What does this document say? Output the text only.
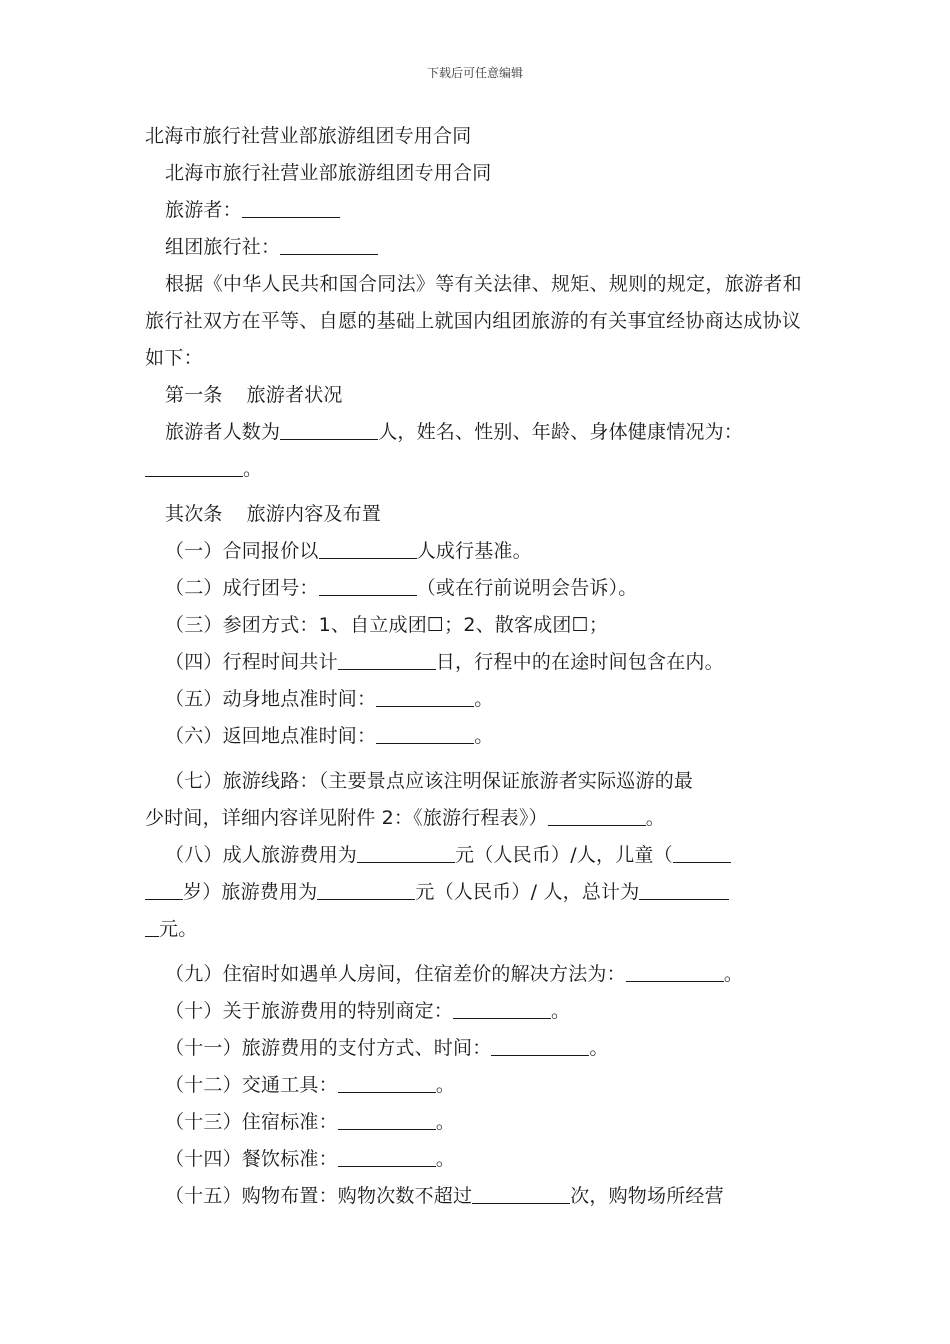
下载后可任意编辑
北海市旅行社营业部旅游组团专用合同
北海市旅行社营业部旅游组团专用合同
旅游者：
组团旅行社：
根据《中华人民共和国合同法》等有关法律、规矩、规则的规定，旅游者和旅行社双方在平等、自愿的基础上就国内组团旅游的有关事宜经协商达成协议如下：
第一条 旅游者状况
旅游者人数为	人，姓名、性别、年龄、身体健康情况为：
。
其次条 旅游内容及布置
（一）合同报价以	人成行基准。
（二）成行团号：	（或在行前说明会告诉）。
（三）参团方式：1、自立成团☐；2、散客成团☐；
（四）行程时间共计	日，行程中的在途时间包含在内。
（五）动身地点准时间：	。
（六）返回地点准时间：	。
（七）旅游线路：（主要景点应该注明保证旅游者实际巡游的最
少时间，详细内容详见附件 2：《旅游行程表》）	。
（八）成人旅游费用为	元（人民币）/人，儿童（
岁）旅游费用为	元（人民币）/ 人，总计为
元。
（九）住宿时如遇单人房间，住宿差价的解决方法为：	。
（十）关于旅游费用的特别商定：	。
（十一）旅游费用的支付方式、时间：	。
（十二）交通工具：	。
（十三）住宿标准：	。
（十四）餐饮标准：	。
（十五）购物布置：购物次数不超过	次，购物场所经营
